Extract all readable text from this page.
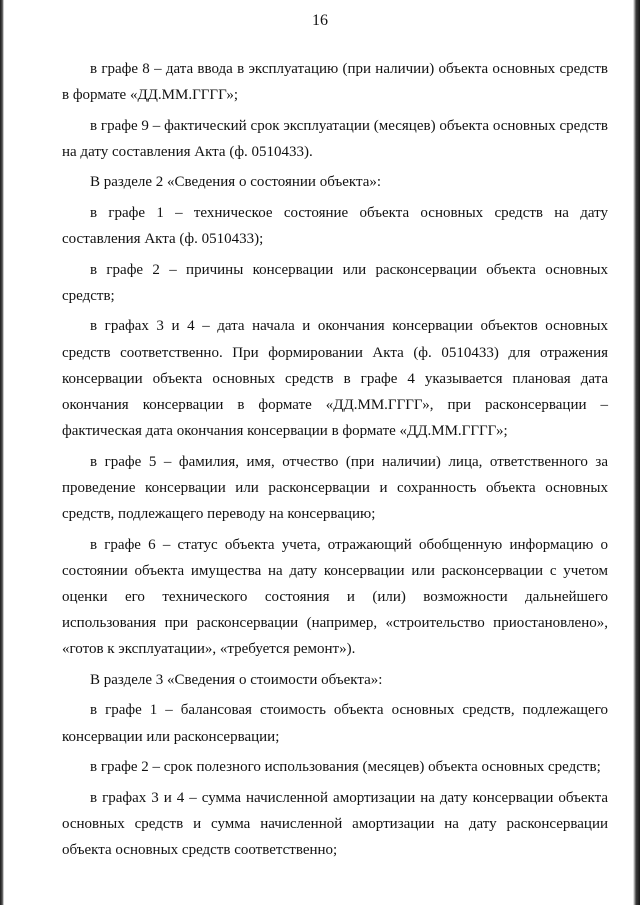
16

в графе 8 – дата ввода в эксплуатацию (при наличии) объекта основных средств в формате «ДД.ММ.ГГГГ»;

в графе 9 – фактический срок эксплуатации (месяцев) объекта основных средств на дату составления Акта (ф. 0510433).

В разделе 2 «Сведения о состоянии объекта»:

в графе 1 – техническое состояние объекта основных средств на дату составления Акта (ф. 0510433);

в графе 2 – причины консервации или расконсервации объекта основных средств;

в графах 3 и 4 – дата начала и окончания консервации объектов основных средств соответственно. При формировании Акта (ф. 0510433) для отражения консервации объекта основных средств в графе 4 указывается плановая дата окончания консервации в формате «ДД.ММ.ГГГГ», при расконсервации – фактическая дата окончания консервации в формате «ДД.ММ.ГГГГ»;

в графе 5 – фамилия, имя, отчество (при наличии) лица, ответственного за проведение консервации или расконсервации и сохранность объекта основных средств, подлежащего переводу на консервацию;

в графе 6 – статус объекта учета, отражающий обобщенную информацию о состоянии объекта имущества на дату консервации или расконсервации с учетом оценки его технического состояния и (или) возможности дальнейшего использования при расконсервации (например, «строительство приостановлено», «готов к эксплуатации», «требуется ремонт»).

В разделе 3 «Сведения о стоимости объекта»:

в графе 1 – балансовая стоимость объекта основных средств, подлежащего консервации или расконсервации;

в графе 2 – срок полезного использования (месяцев) объекта основных средств;

в графах 3 и 4 – сумма начисленной амортизации на дату консервации объекта основных средств и сумма начисленной амортизации на дату расконсервации объекта основных средств соответственно;
